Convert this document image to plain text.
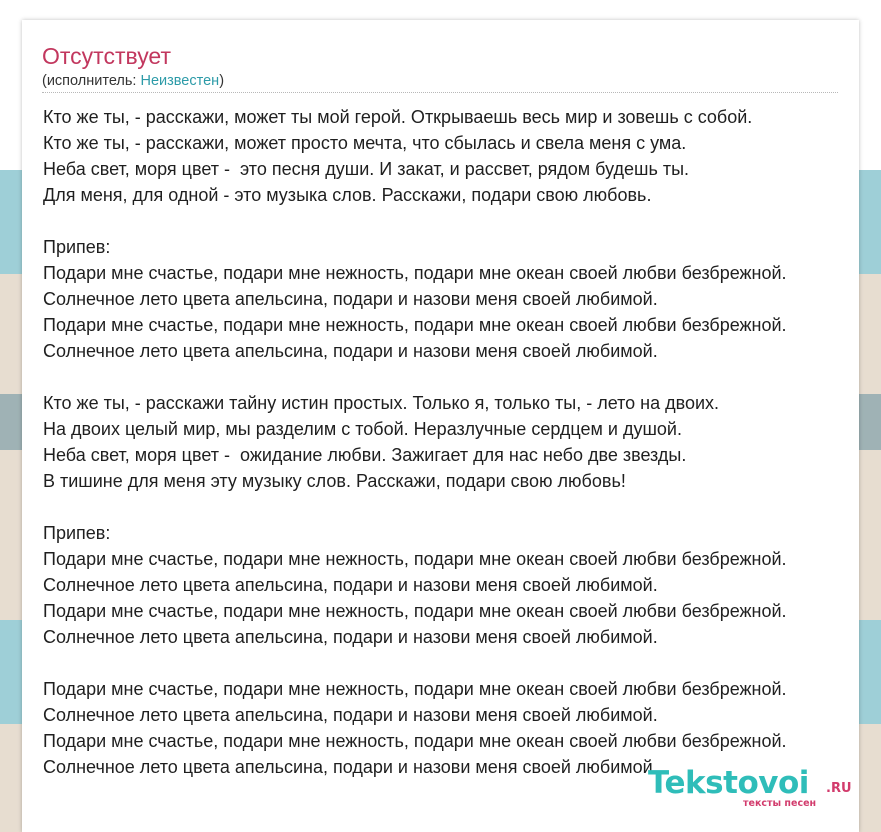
Отсутствует
(исполнитель: Неизвестен)
Кто же ты, - расскажи, может ты мой герой. Открываешь весь мир и зовешь с собой.
Кто же ты, - расскажи, может просто мечта, что сбылась и свела меня с ума.
Неба свет, моря цвет -  это песня души. И закат, и рассвет, рядом будешь ты.
Для меня, для одной - это музыка слов. Расскажи, подари свою любовь.
Припев:
Подари мне счастье, подари мне нежность, подари мне океан своей любви безбрежной.
Солнечное лето цвета апельсина, подари и назови меня своей любимой.
Подари мне счастье, подари мне нежность, подари мне океан своей любви безбрежной.
Солнечное лето цвета апельсина, подари и назови меня своей любимой.
Кто же ты, - расскажи тайну истин простых. Только я, только ты, - лето на двоих.
На двоих целый мир, мы разделим с тобой. Неразлучные сердцем и душой.
Неба свет, моря цвет -  ожидание любви. Зажигает для нас небо две звезды.
В тишине для меня эту музыку слов. Расскажи, подари свою любовь!
Припев:
Подари мне счастье, подари мне нежность, подари мне океан своей любви безбрежной.
Солнечное лето цвета апельсина, подари и назови меня своей любимой.
Подари мне счастье, подари мне нежность, подари мне океан своей любви безбрежной.
Солнечное лето цвета апельсина, подари и назови меня своей любимой.
Подари мне счастье, подари мне нежность, подари мне океан своей любви безбрежной.
Солнечное лето цвета апельсина, подари и назови меня своей любимой.
Подари мне счастье, подари мне нежность, подари мне океан своей любви безбрежной.
Солнечное лето цвета апельсина, подари и назови меня своей любимой.
Tekstovoi .RU
тексты песен
